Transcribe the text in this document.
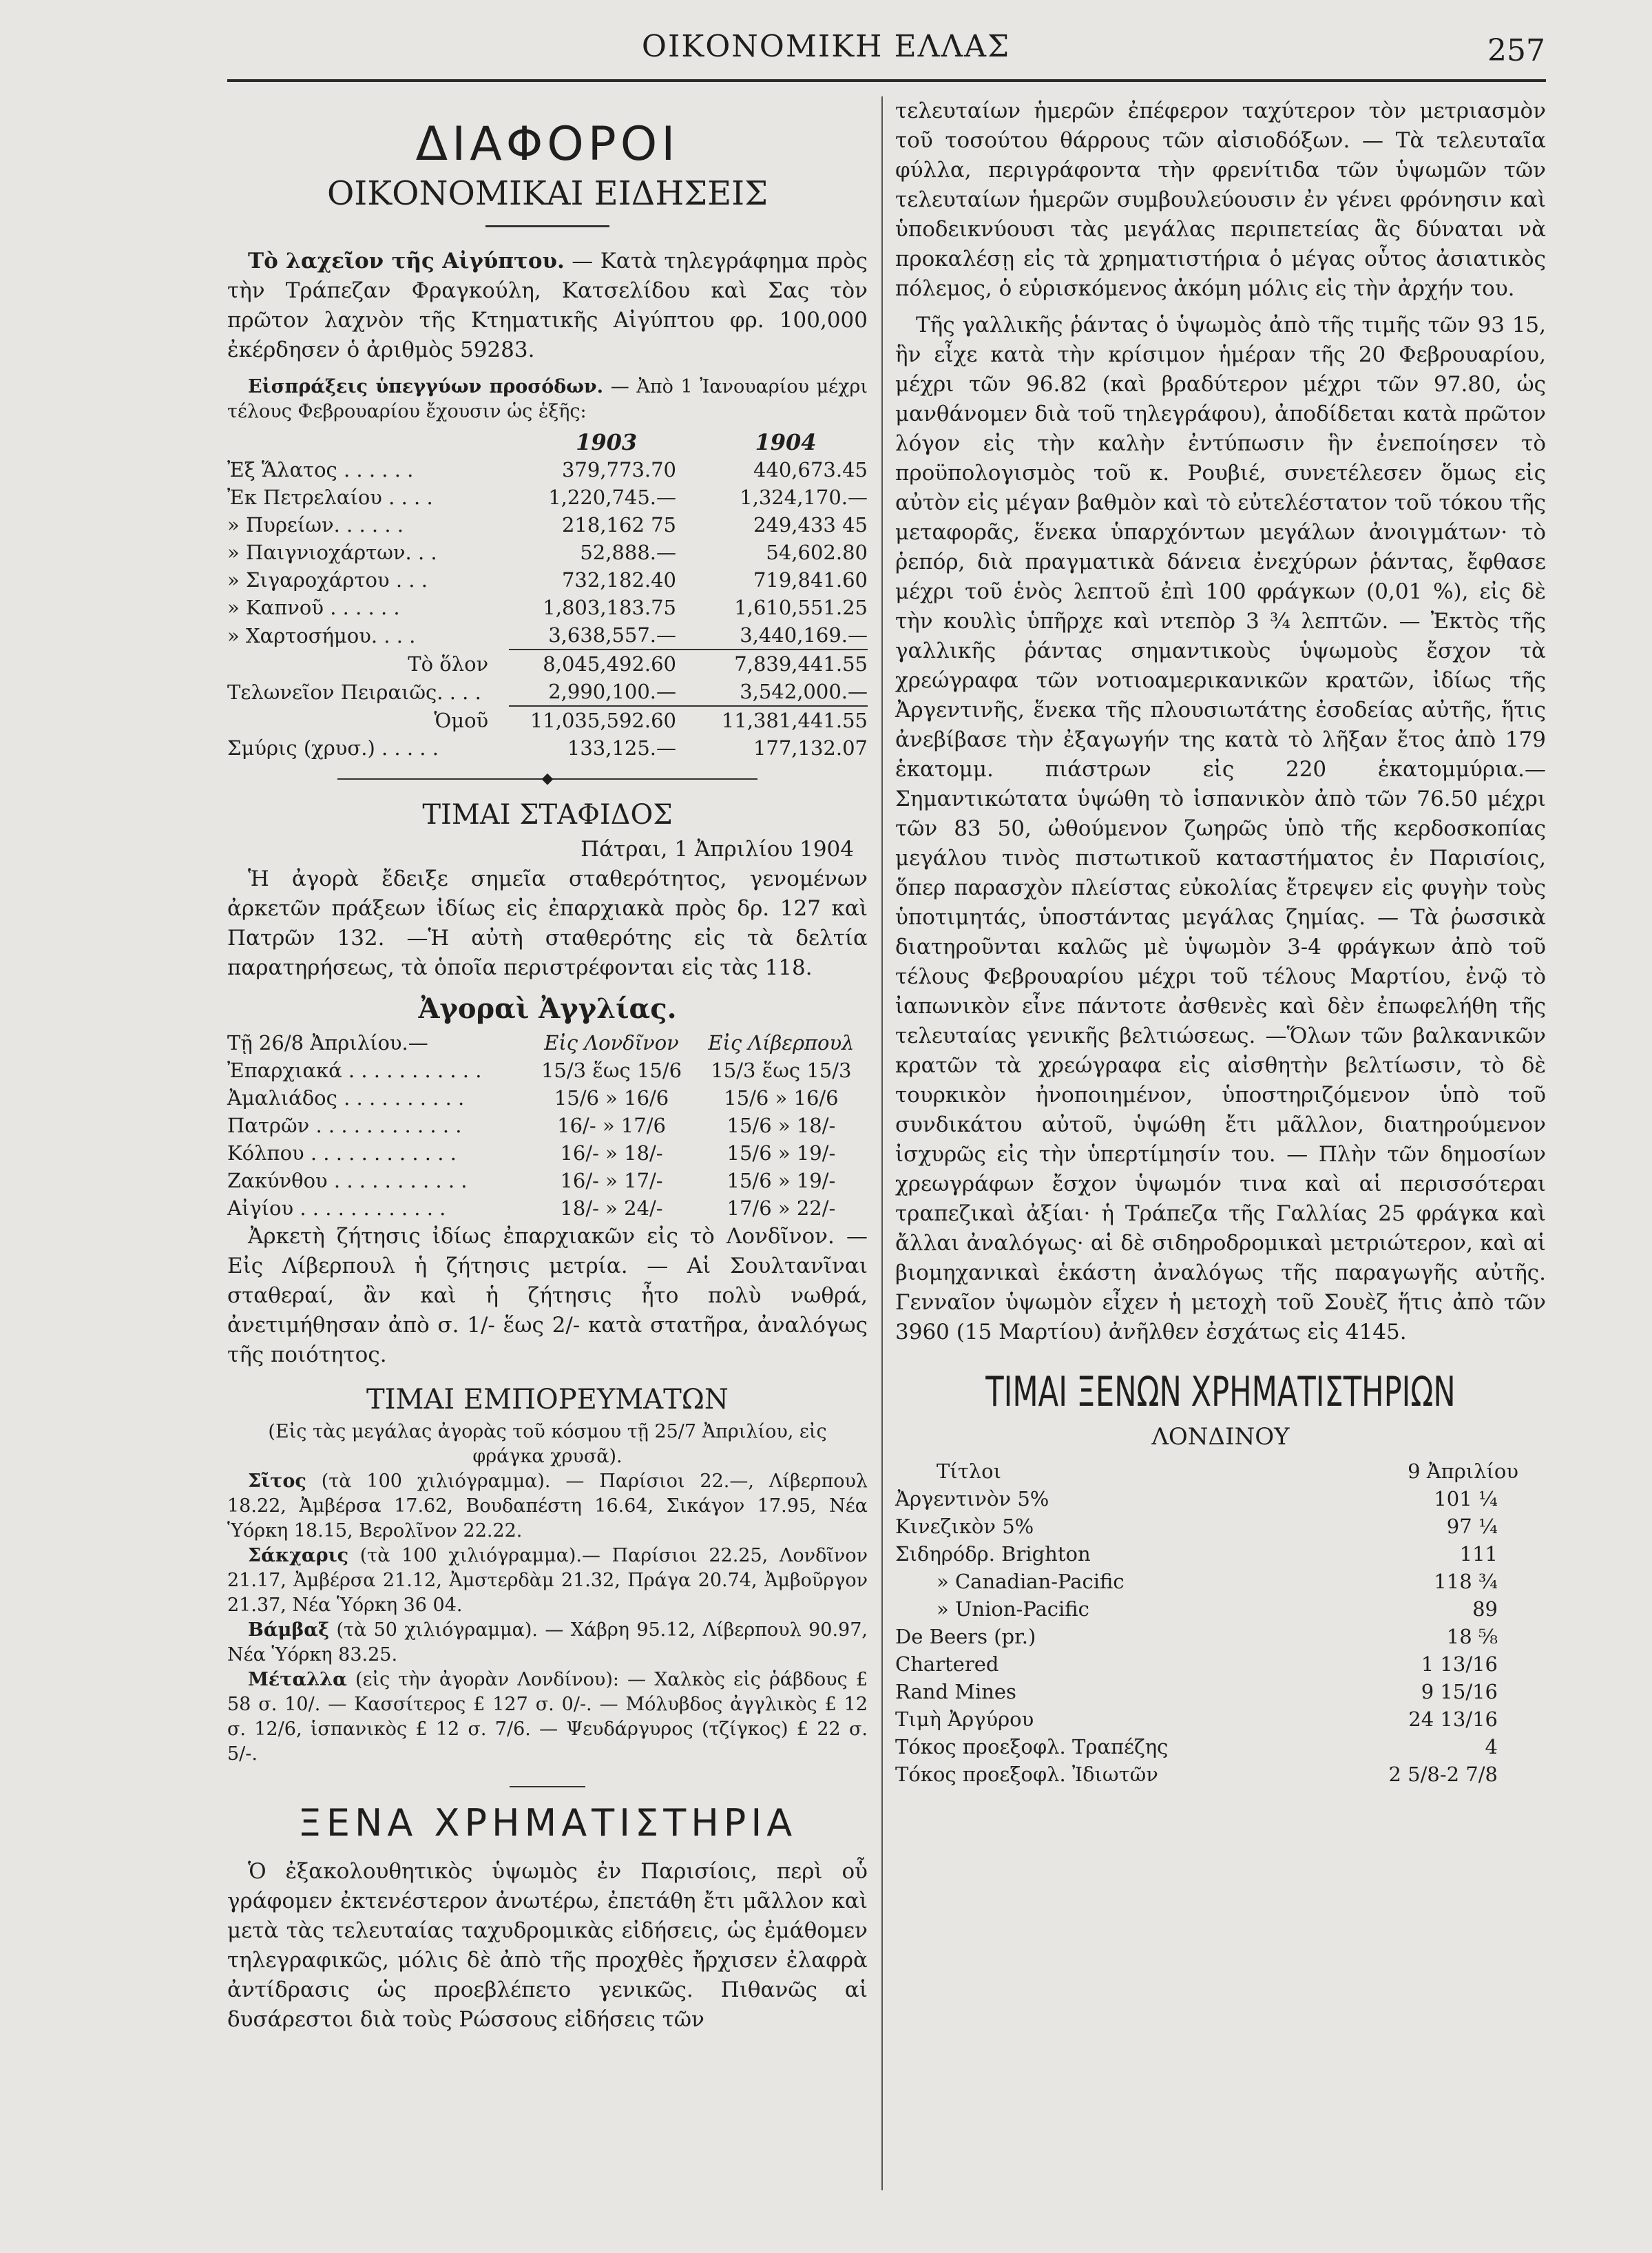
ΟΙΚΟΝΟΜΙΚΗ ΕΛΛΑΣ	257
ΔΙΑΦΟΡΟΙ
ΟΙΚΟΝΟΜΙΚΑΙ ΕΙΔΗΣΕΙΣ

Τὸ λαχεῖον τῆς Αἰγύπτου. — Κατὰ τηλεγράφημα πρὸς τὴν Τράπεζαν Φραγκούλη, Κατσελίδου καὶ Σας τὸν πρῶτον λαχνὸν τῆς Κτηματικῆς Αἰγύπτου φρ. 100,000 ἐκέρδησεν ὁ ἀριθμὸς 59283.

Εἰσπράξεις ὑπεγγύων προσόδων. — Ἀπὸ 1 Ἰανουαρίου μέχρι τέλους Φεβρουαρίου ἔχουσιν ὡς ἑξῆς:

	1903	1904
Ἐξ Ἅλατος . . . . . .	379,773.70	440,673.45
Ἐκ Πετρελαίου . . . .	1,220,745.—	1,324,170.—
» Πυρείων. . . . . .	218,162 75	249,433 45
» Παιγνιοχάρτων. . .	52,888.—	54,602.80
» Σιγαροχάρτου . . .	732,182.40	719,841.60
» Καπνοῦ . . . . . .	1,803,183.75	1,610,551.25
» Χαρτοσήμου. . . .	3,638,557.—	3,440,169.—
Τὸ ὅλον	8,045,492.60	7,839,441.55
Τελωνεῖον Πειραιῶς. . . .	2,990,100.—	3,542,000.—
Ὁμοῦ	11,035,592.60	11,381,441.55
Σμύρις (χρυσ.) . . . . .	133,125.—	177,132.07
◆
ΤΙΜΑΙ ΣΤΑΦΙΔΟΣ

Πάτραι, 1 Ἀπριλίου 1904

Ἡ ἀγορὰ ἔδειξε σημεῖα σταθερότητος, γενομένων ἀρκετῶν πράξεων ἰδίως εἰς ἐπαρχιακὰ πρὸς δρ. 127 καὶ Πατρῶν 132. —Ἡ αὐτὴ σταθερότης εἰς τὰ δελτία παρατηρήσεως, τὰ ὁποῖα περιστρέφονται εἰς τὰς 118.

Ἀγοραὶ Ἀγγλίας.
Τῇ 26/8 Ἀπριλίου.—	Εἰς Λονδῖνον	Εἰς Λίβερπουλ
Ἐπαρχιακά . . . . . . . . . . .	15/3 ἕως 15/6	15/3 ἕως 15/3
Ἀμαλιάδος . . . . . . . . . .	15/6 » 16/6	15/6 » 16/6
Πατρῶν . . . . . . . . . . . .	16/- » 17/6	15/6 » 18/-
Κόλπου . . . . . . . . . . . .	16/- » 18/-	15/6 » 19/-
Ζακύνθου . . . . . . . . . . .	16/- » 17/-	15/6 » 19/-
Αἰγίου . . . . . . . . . . . .	18/- » 24/-	17/6 » 22/-

Ἀρκετὴ ζήτησις ἰδίως ἐπαρχιακῶν εἰς τὸ Λονδῖνον. — Εἰς Λίβερπουλ ἡ ζήτησις μετρία. — Αἱ Σουλτανῖναι σταθεραί, ἂν καὶ ἡ ζήτησις ἦτο πολὺ νωθρά, ἀνετιμήθησαν ἀπὸ σ. 1/- ἕως 2/- κατὰ στατῆρα, ἀναλόγως τῆς ποιότητος.

ΤΙΜΑΙ ΕΜΠΟΡΕΥΜΑΤΩΝ

(Εἰς τὰς μεγάλας ἀγορὰς τοῦ κόσμου τῇ 25/7 Ἀπριλίου, εἰς φράγκα χρυσᾶ).

Σῖτος (τὰ 100 χιλιόγραμμα). — Παρίσιοι 22.—, Λίβερπουλ 18.22, Ἀμβέρσα 17.62, Βουδαπέστη 16.64, Σικάγον 17.95, Νέα Ὑόρκη 18.15, Βερολῖνον 22.22.

Σάκχαρις (τὰ 100 χιλιόγραμμα).— Παρίσιοι 22.25, Λονδῖνον 21.17, Ἀμβέρσα 21.12, Ἀμστερδὰμ 21.32, Πράγα 20.74, Ἀμβοῦργον 21.37, Νέα Ὑόρκη 36 04.

Βάμβαξ (τὰ 50 χιλιόγραμμα). — Χάβρη 95.12, Λίβερπουλ 90.97, Νέα Ὑόρκη 83.25.

Μέταλλα (εἰς τὴν ἀγορὰν Λονδίνου): — Χαλκὸς εἰς ῥάβδους £ 58 σ. 10/. — Κασσίτερος £ 127 σ. 0/-. — Μόλυβδος ἀγγλικὸς £ 12 σ. 12/6, ἱσπανικὸς £ 12 σ. 7/6. — Ψευδάργυρος (τζίγκος) £ 22 σ. 5/-.

ΞΕΝΑ ΧΡΗΜΑΤΙΣΤΗΡΙΑ

Ὁ ἐξακολουθητικὸς ὑψωμὸς ἐν Παρισίοις, περὶ οὗ γράφομεν ἐκτενέστερον ἀνωτέρω, ἐπετάθη ἔτι μᾶλλον καὶ μετὰ τὰς τελευταίας ταχυδρομικὰς εἰδήσεις, ὡς ἐμάθομεν τηλεγραφικῶς, μόλις δὲ ἀπὸ τῆς προχθὲς ἤρχισεν ἐλαφρὰ ἀντίδρασις ὡς προεβλέπετο γενικῶς. Πιθανῶς αἱ δυσάρεστοι διὰ τοὺς Ρώσσους εἰδήσεις τῶν

τελευταίων ἡμερῶν ἐπέφερον ταχύτερον τὸν μετριασμὸν τοῦ τοσούτου θάρρους τῶν αἰσιοδόξων. — Τὰ τελευταῖα φύλλα, περιγράφοντα τὴν φρενίτιδα τῶν ὑψωμῶν τῶν τελευταίων ἡμερῶν συμβουλεύουσιν ἐν γένει φρόνησιν καὶ ὑποδεικνύουσι τὰς μεγάλας περιπετείας ἃς δύναται νὰ προκαλέσῃ εἰς τὰ χρηματιστήρια ὁ μέγας οὗτος ἀσιατικὸς πόλεμος, ὁ εὑρισκόμενος ἀκόμη μόλις εἰς τὴν ἀρχήν του.

Τῆς γαλλικῆς ῥάντας ὁ ὑψωμὸς ἀπὸ τῆς τιμῆς τῶν 93 15, ἣν εἶχε κατὰ τὴν κρίσιμον ἡμέραν τῆς 20 Φεβρουαρίου, μέχρι τῶν 96.82 (καὶ βραδύτερον μέχρι τῶν 97.80, ὡς μανθάνομεν διὰ τοῦ τηλεγράφου), ἀποδίδεται κατὰ πρῶτον λόγον εἰς τὴν καλὴν ἐντύπωσιν ἣν ἐνεποίησεν τὸ προϋπολογισμὸς τοῦ κ. Ρουβιέ, συνετέλεσεν ὅμως εἰς αὐτὸν εἰς μέγαν βαθμὸν καὶ τὸ εὐτελέστατον τοῦ τόκου τῆς μεταφορᾶς, ἕνεκα ὑπαρχόντων μεγάλων ἀνοιγμάτων· τὸ ῥεπόρ, διὰ πραγματικὰ δάνεια ἐνεχύρων ῥάντας, ἔφθασε μέχρι τοῦ ἑνὸς λεπτοῦ ἐπὶ 100 φράγκων (0,01 %), εἰς δὲ τὴν κουλὶς ὑπῆρχε καὶ ντεπὸρ 3 ¾ λεπτῶν. — Ἐκτὸς τῆς γαλλικῆς ῥάντας σημαντικοὺς ὑψωμοὺς ἔσχον τὰ χρεώγραφα τῶν νοτιοαμερικανικῶν κρατῶν, ἰδίως τῆς Ἀργεντινῆς, ἕνεκα τῆς πλουσιωτάτης ἐσοδείας αὐτῆς, ἥτις ἀνεβίβασε τὴν ἐξαγωγήν της κατὰ τὸ λῆξαν ἔτος ἀπὸ 179 ἑκατομμ. πιάστρων εἰς 220 ἑκατομμύρια.— Σημαντικώτατα ὑψώθη τὸ ἱσπανικὸν ἀπὸ τῶν 76.50 μέχρι τῶν 83 50, ὠθούμενον ζωηρῶς ὑπὸ τῆς κερδοσκοπίας μεγάλου τινὸς πιστωτικοῦ καταστήματος ἐν Παρισίοις, ὅπερ παρασχὸν πλείστας εὐκολίας ἔτρεψεν εἰς φυγὴν τοὺς ὑποτιμητάς, ὑποστάντας μεγάλας ζημίας. — Τὰ ῥωσσικὰ διατηροῦνται καλῶς μὲ ὑψωμὸν 3-4 φράγκων ἀπὸ τοῦ τέλους Φεβρουαρίου μέχρι τοῦ τέλους Μαρτίου, ἐνῷ τὸ ἰαπωνικὸν εἶνε πάντοτε ἀσθενὲς καὶ δὲν ἐπωφελήθη τῆς τελευταίας γενικῆς βελτιώσεως. —Ὅλων τῶν βαλκανικῶν κρατῶν τὰ χρεώγραφα εἰς αἰσθητὴν βελτίωσιν, τὸ δὲ τουρκικὸν ἠνοποιημένον, ὑποστηριζόμενον ὑπὸ τοῦ συνδικάτου αὐτοῦ, ὑψώθη ἔτι μᾶλλον, διατηρούμενον ἰσχυρῶς εἰς τὴν ὑπερτίμησίν του. — Πλὴν τῶν δημοσίων χρεωγράφων ἔσχον ὑψωμόν τινα καὶ αἱ περισσότεραι τραπεζικαὶ ἀξίαι· ἡ Τράπεζα τῆς Γαλλίας 25 φράγκα καὶ ἄλλαι ἀναλόγως· αἱ δὲ σιδηροδρομικαὶ μετριώτερον, καὶ αἱ βιομηχανικαὶ ἑκάστη ἀναλόγως τῆς παραγωγῆς αὐτῆς. Γενναῖον ὑψωμὸν εἶχεν ἡ μετοχὴ τοῦ Σουὲζ ἥτις ἀπὸ τῶν 3960 (15 Μαρτίου) ἀνῆλθεν ἐσχάτως εἰς 4145.

ΤΙΜΑΙ ΞΕΝΩΝ ΧΡΗΜΑΤΙΣΤΗΡΙΩΝ
ΛΟΝΔΙΝΟΥ
Τίτλοι	9 Ἀπριλίου
Ἀργεντινὸν 5%	101 ¼
Κινεζικὸν 5%	97 ¼
Σιδηρόδρ. Brighton	111
» Canadian-Pacific	118 ¾
» Union-Pacific	89
De Beers (pr.)	18 ⅝
Chartered	1 13/16
Rand Mines	9 15/16
Τιμὴ Ἀργύρου	24 13/16
Τόκος προεξοφλ. Τραπέζης	4
Τόκος προεξοφλ. Ἰδιωτῶν	2 5/8-2 7/8
